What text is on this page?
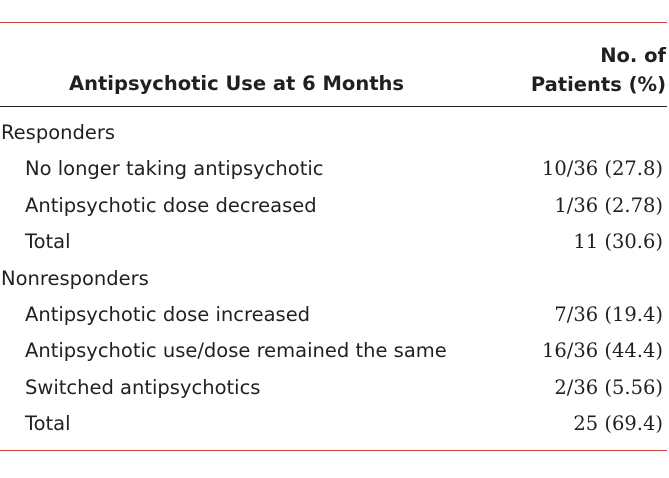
Antipsychotic Use at 6 Months
No. of
Patients (%)
Responders
No longer taking antipsychotic	10/36 (27.8)
Antipsychotic dose decreased	1/36 (2.78)
Total	11 (30.6)
Nonresponders
Antipsychotic dose increased	7/36 (19.4)
Antipsychotic use/dose remained the same	16/36 (44.4)
Switched antipsychotics	2/36 (5.56)
Total	25 (69.4)
